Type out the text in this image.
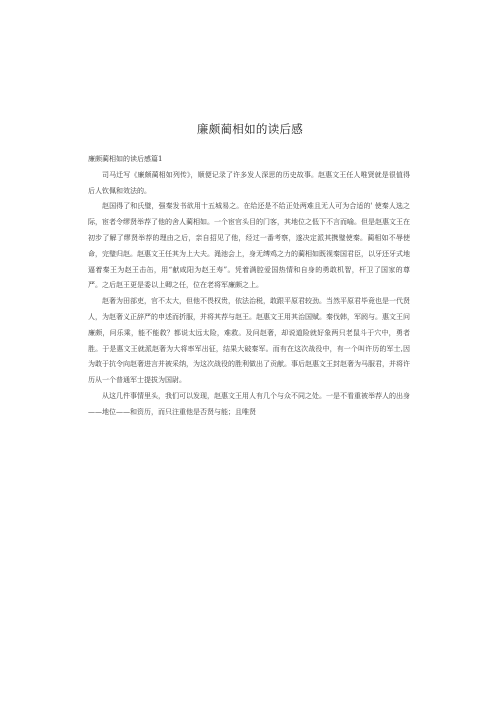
廉颇蔺相如的读后感

廉颇蔺相如的读后感篇1

司马迁写《廉颇蔺相如列传》，顺便记录了许多发人深思的历史故事。赵惠文王任人唯贤就是很值得后人钦佩和效法的。

赵国得了和氏璧，强秦发书欲用十五城易之。在给还是不给正处两难且无人可为合适的' 使秦人选之际，宦者令缪贤举荐了他的舍人蔺相如。一个宦官头目的门客，其地位之低下不言而喻。但是赵惠文王在初步了解了缪贤举荐的理由之后，亲自招见了他，经过一番考察，遂决定派其携璧使秦。蔺相如不辱使命，完璧归赵。赵惠文王任其为上大夫。渑池会上，身无缚鸡之力的蔺相如既视秦国君臣，以牙还牙式地逼着秦王为赵王击缶，用“献咸阳为赵王寿”。凭着满腔爱国热情和自身的勇敢机智，杆卫了国家的尊严。之后赵王更是委以上卿之任，位在老将军廉颇之上。

赵奢为田部吏，官不太大，但他不畏权贵，依法治税，敢跟平原君较劲。当然平原君毕竟也是一代贤人，为赵奢义正辞严的申述而折服，并将其荐与赵王。赵惠文王用其治国赋。秦伐韩，军阏与。惠文王问廉颇，问乐乘，能不能救？都说太远太险，难救。及问赵奢，却说道险就好象两只老鼠斗于穴中，勇者胜。于是惠文王就派赵奢为大将率军出征，结果大破秦军。而有在这次战役中，有一个叫许历的军士,因为敢于抗令向赵奢进言并被采纳，为这次战役的胜利做出了贡献。事后赵惠文王封赵奢为马服君，并将许历从一个普通军士提拔为国尉。

从这几件事情里头，我们可以发现，赵惠文王用人有几个与众不同之处。一是不看重被举荐人的出身——地位——和资历，而只注重他是否贤与能；且唯贤
